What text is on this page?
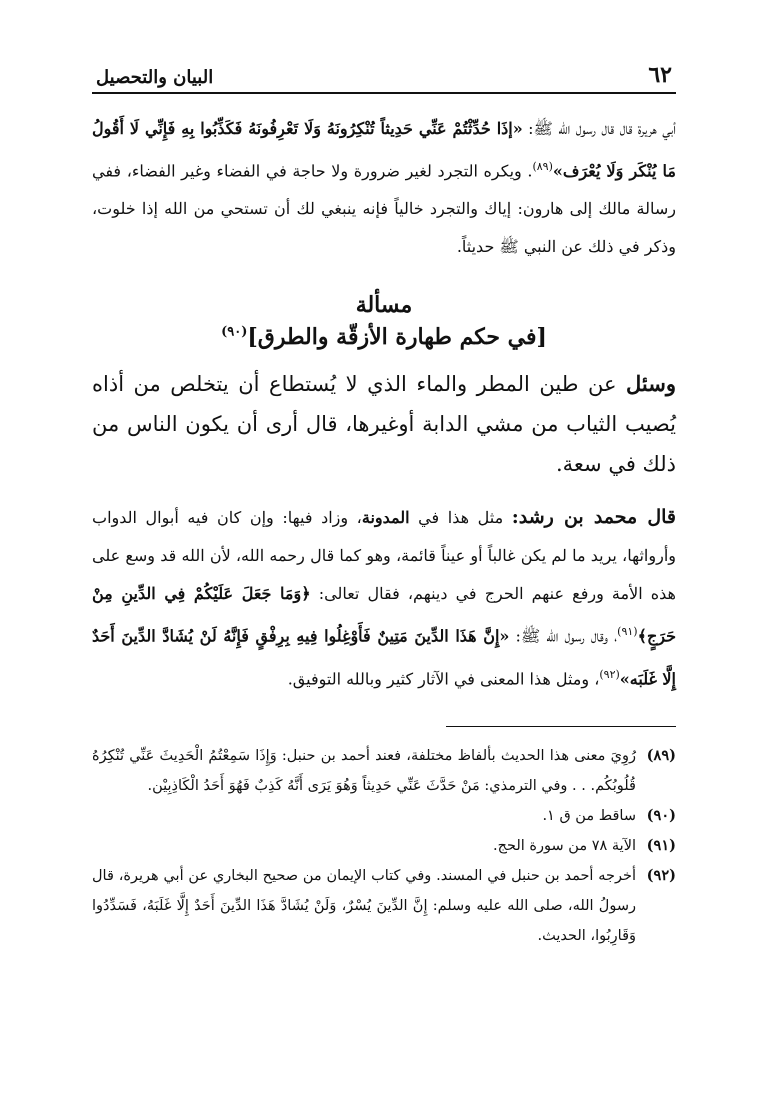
٦٢
البيان والتحصيل

أبي هريرة قال قال رسول الله ﷺ: «إذَا حُدِّثْتُمْ عَنِّي حَدِيثاً تُنْكِرُونَهُ وَلَا تَعْرِفُونَهُ فَكَذِّبُوا بِهِ فَإِنِّي لَا أَقُولُ مَا يُنْكَر وَلَا يُعْرَف»$^{(٨٩)}$. ويكره التجرد لغير ضرورة ولا حاجة في الفضاء وغير الفضاء، ففي رسالة مالك إلى هارون: إياك والتجرد خالياً فإنه ينبغي لك أن تستحي من الله إذا خلوت، وذكر في ذلك عن النبي ﷺ حديثاً.

مسألة
[في حكم طهارة الأزقّة والطرق]$^{(٩٠)}$

وسئل عن طين المطر والماء الذي لا يُستطاع أن يتخلص من أذاه يُصيب الثياب من مشي الدابة أوغيرها، قال أرى أن يكون الناس من ذلك في سعة.

قال محمد بن رشد: مثل هذا في المدونة، وزاد فيها: وإن كان فيه أبوال الدواب وأرواثها، يريد ما لم يكن غالباً أو عيناً قائمة، وهو كما قال رحمه الله، لأن الله قد وسع على هذه الأمة ورفع عنهم الحرج في دينهم، فقال تعالى: ﴿وَمَا جَعَلَ عَلَيْكُمْ فِي الدِّينِ مِنْ حَرَجٍ﴾$^{(٩١)}$، وقال رسول الله ﷺ: «إِنَّ هَذَا الدِّينَ مَتِينٌ فَأَوْغِلُوا فِيهِ بِرِفْقٍ فَإِنَّهُ لَنْ يُشَادَّ الدِّينَ أَحَدٌ إِلَّا غَلَبَه»$^{(٩٢)}$، ومثل هذا المعنى في الآثار كثير وبالله التوفيق.

(٨٩)
رُوِيَ معنى هذا الحديث بألفاظ مختلفة، فعند أحمد بن حنبل: وَإِذَا سَمِعْتُمُ الْحَدِيثَ عَنِّي تُنْكِرُهُ قُلُوبُكُم. . . وفي الترمذي: مَنْ حَدَّثَ عَنِّي حَدِيثاً وَهُوَ يَرَى أَنَّهُ كَذِبٌ فَهُوَ أَحَدُ الْكَاذِبِيْن.
(٩٠)
ساقط من ق ١.
(٩١)
الآية ٧٨ من سورة الحج.
(٩٢)
أخرجه أحمد بن حنبل في المسند. وفي كتاب الإيمان من صحيح البخاري عن أبي هريرة، قال رسولُ الله، صلى الله عليه وسلم: إِنَّ الدِّينَ يُسْرٌ، وَلَنْ يُشَادَّ هَذَا الدِّينَ أَحَدٌ إِلَّا غَلَبَهُ، فَسَدِّدُوا وَقَارِبُوا، الحديث.
